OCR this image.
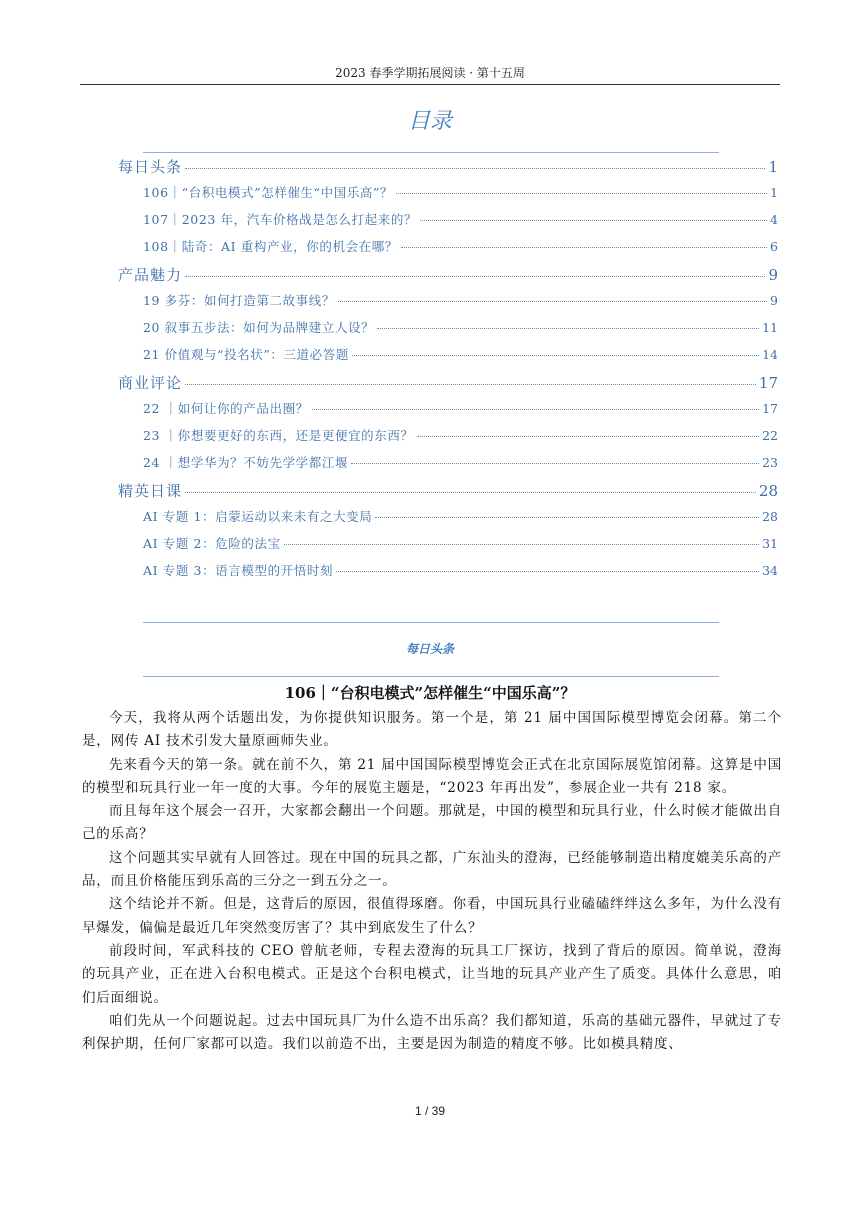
2023 春季学期拓展阅读 · 第十五周
目录
每日头条	1
106｜“台积电模式”怎样催生“中国乐高”？	1
107｜2023 年，汽车价格战是怎么打起来的？	4
108｜陆奇：AI 重构产业，你的机会在哪？	6
产品魅力	9
19 多芬：如何打造第二故事线？	9
20 叙事五步法：如何为品牌建立人设？	11
21 价值观与“投名状”：三道必答题	14
商业评论	17
22 ｜如何让你的产品出圈？	17
23 ｜你想要更好的东西，还是更便宜的东西？	22
24 ｜想学华为？不妨先学学都江堰	23
精英日课	28
AI 专题 1：启蒙运动以来未有之大变局	28
AI 专题 2：危险的法宝	31
AI 专题 3：语言模型的开悟时刻	34
每日头条
106｜“台积电模式”怎样催生“中国乐高”？

今天，我将从两个话题出发，为你提供知识服务。第一个是，第 21 届中国国际模型博览会闭幕。第二个是，网传 AI 技术引发大量原画师失业。

先来看今天的第一条。就在前不久，第 21 届中国国际模型博览会正式在北京国际展览馆闭幕。这算是中国的模型和玩具行业一年一度的大事。今年的展览主题是，“2023 年再出发”，参展企业一共有 218 家。

而且每年这个展会一召开，大家都会翻出一个问题。那就是，中国的模型和玩具行业，什么时候才能做出自己的乐高？

这个问题其实早就有人回答过。现在中国的玩具之都，广东汕头的澄海，已经能够制造出精度媲美乐高的产品，而且价格能压到乐高的三分之一到五分之一。

这个结论并不新。但是，这背后的原因，很值得琢磨。你看，中国玩具行业磕磕绊绊这么多年，为什么没有早爆发，偏偏是最近几年突然变厉害了？其中到底发生了什么？

前段时间，军武科技的 CEO 曾航老师，专程去澄海的玩具工厂探访，找到了背后的原因。简单说，澄海的玩具产业，正在进入台积电模式。正是这个台积电模式，让当地的玩具产业产生了质变。具体什么意思，咱们后面细说。

咱们先从一个问题说起。过去中国玩具厂为什么造不出乐高？我们都知道，乐高的基础元器件，早就过了专利保护期，任何厂家都可以造。我们以前造不出，主要是因为制造的精度不够。比如模具精度、

1 / 39
